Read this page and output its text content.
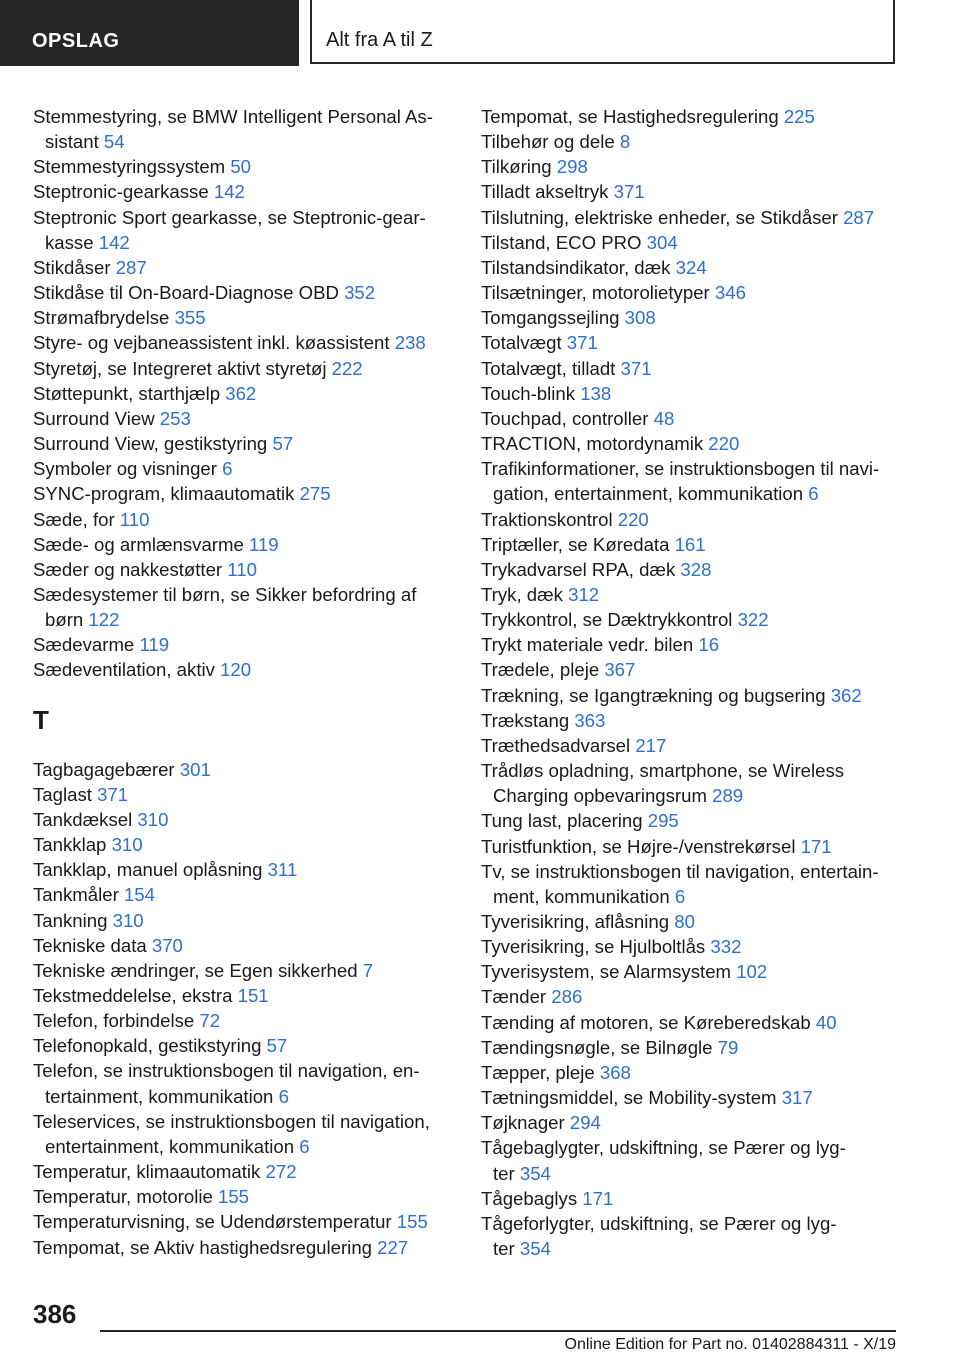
OPSLAG	Alt fra A til Z
Stemmestyring, se BMW Intelligent Personal As-
sistant 54
Stemmestyringssystem 50
Steptronic-gearkasse 142
Steptronic Sport gearkasse, se Steptronic-gear-
kasse 142
Stikdåser 287
Stikdåse til On-Board-Diagnose OBD 352
Strømafbrydelse 355
Styre- og vejbaneassistent inkl. køassistent 238
Styretøj, se Integreret aktivt styretøj 222
Støttepunkt, starthjælp 362
Surround View 253
Surround View, gestikstyring 57
Symboler og visninger 6
SYNC-program, klimaautomatik 275
Sæde, for 110
Sæde- og armlænsvarme 119
Sæder og nakkestøtter 110
Sædesystemer til børn, se Sikker befordring af
børn 122
Sædevarme 119
Sædeventilation, aktiv 120
T
Tagbagagebærer 301
Taglast 371
Tankdæksel 310
Tankklap 310
Tankklap, manuel oplåsning 311
Tankmåler 154
Tankning 310
Tekniske data 370
Tekniske ændringer, se Egen sikkerhed 7
Tekstmeddelelse, ekstra 151
Telefon, forbindelse 72
Telefonopkald, gestikstyring 57
Telefon, se instruktionsbogen til navigation, en-
tertainment, kommunikation 6
Teleservices, se instruktionsbogen til navigation,
entertainment, kommunikation 6
Temperatur, klimaautomatik 272
Temperatur, motorolie 155
Temperaturvisning, se Udendørstemperatur 155
Tempomat, se Aktiv hastighedsregulering 227
Tempomat, se Hastighedsregulering 225
Tilbehør og dele 8
Tilkøring 298
Tilladt akseltryk 371
Tilslutning, elektriske enheder, se Stikdåser 287
Tilstand, ECO PRO 304
Tilstandsindikator, dæk 324
Tilsætninger, motorolietyper 346
Tomgangssejling 308
Totalvægt 371
Totalvægt, tilladt 371
Touch-blink 138
Touchpad, controller 48
TRACTION, motordynamik 220
Trafikinformationer, se instruktionsbogen til navi-
gation, entertainment, kommunikation 6
Traktionskontrol 220
Triptæller, se Køredata 161
Trykadvarsel RPA, dæk 328
Tryk, dæk 312
Trykkontrol, se Dæktrykkontrol 322
Trykt materiale vedr. bilen 16
Trædele, pleje 367
Trækning, se Igangtrækning og bugsering 362
Trækstang 363
Træthedsadvarsel 217
Trådløs opladning, smartphone, se Wireless
Charging opbevaringsrum 289
Tung last, placering 295
Turistfunktion, se Højre-/venstrekørsel 171
Tv, se instruktionsbogen til navigation, entertain-
ment, kommunikation 6
Tyverisikring, aflåsning 80
Tyverisikring, se Hjulboltlås 332
Tyverisystem, se Alarmsystem 102
Tænder 286
Tænding af motoren, se Køreberedskab 40
Tændingsnøgle, se Bilnøgle 79
Tæpper, pleje 368
Tætningsmiddel, se Mobility-system 317
Tøjknager 294
Tågebaglygter, udskiftning, se Pærer og lyg-
ter 354
Tågebaglys 171
Tågeforlygter, udskiftning, se Pærer og lyg-
ter 354
386
Online Edition for Part no. 01402884311 - X/19
